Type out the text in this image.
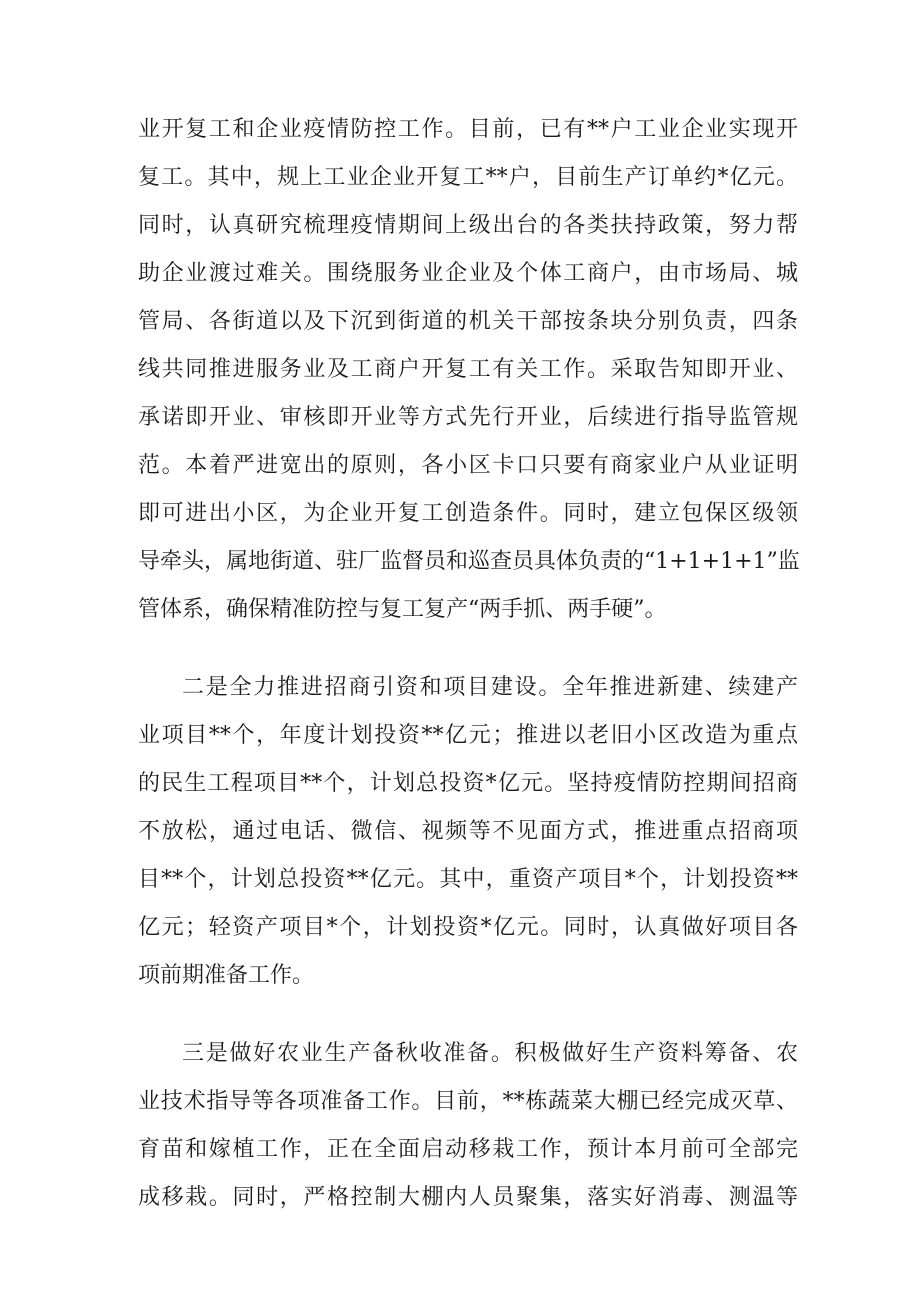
业开复工和企业疫情防控工作。目前，已有**户工业企业实现开
复工。其中，规上工业企业开复工**户，目前生产订单约*亿元。
同时，认真研究梳理疫情期间上级出台的各类扶持政策，努力帮
助企业渡过难关。围绕服务业企业及个体工商户，由市场局、城
管局、各街道以及下沉到街道的机关干部按条块分别负责，四条
线共同推进服务业及工商户开复工有关工作。采取告知即开业、
承诺即开业、审核即开业等方式先行开业，后续进行指导监管规
范。本着严进宽出的原则，各小区卡口只要有商家业户从业证明
即可进出小区，为企业开复工创造条件。同时，建立包保区级领
导牵头，属地街道、驻厂监督员和巡查员具体负责的“1+1+1+1”监
管体系，确保精准防控与复工复产“两手抓、两手硬”。
二是全力推进招商引资和项目建设。全年推进新建、续建产
业项目**个，年度计划投资**亿元；推进以老旧小区改造为重点
的民生工程项目**个，计划总投资*亿元。坚持疫情防控期间招商
不放松，通过电话、微信、视频等不见面方式，推进重点招商项
目**个，计划总投资**亿元。其中，重资产项目*个，计划投资**
亿元；轻资产项目*个，计划投资*亿元。同时，认真做好项目各
项前期准备工作。
三是做好农业生产备秋收准备。积极做好生产资料筹备、农
业技术指导等各项准备工作。目前，**栋蔬菜大棚已经完成灭草、
育苗和嫁植工作，正在全面启动移栽工作，预计本月前可全部完
成移栽。同时，严格控制大棚内人员聚集，落实好消毒、测温等
